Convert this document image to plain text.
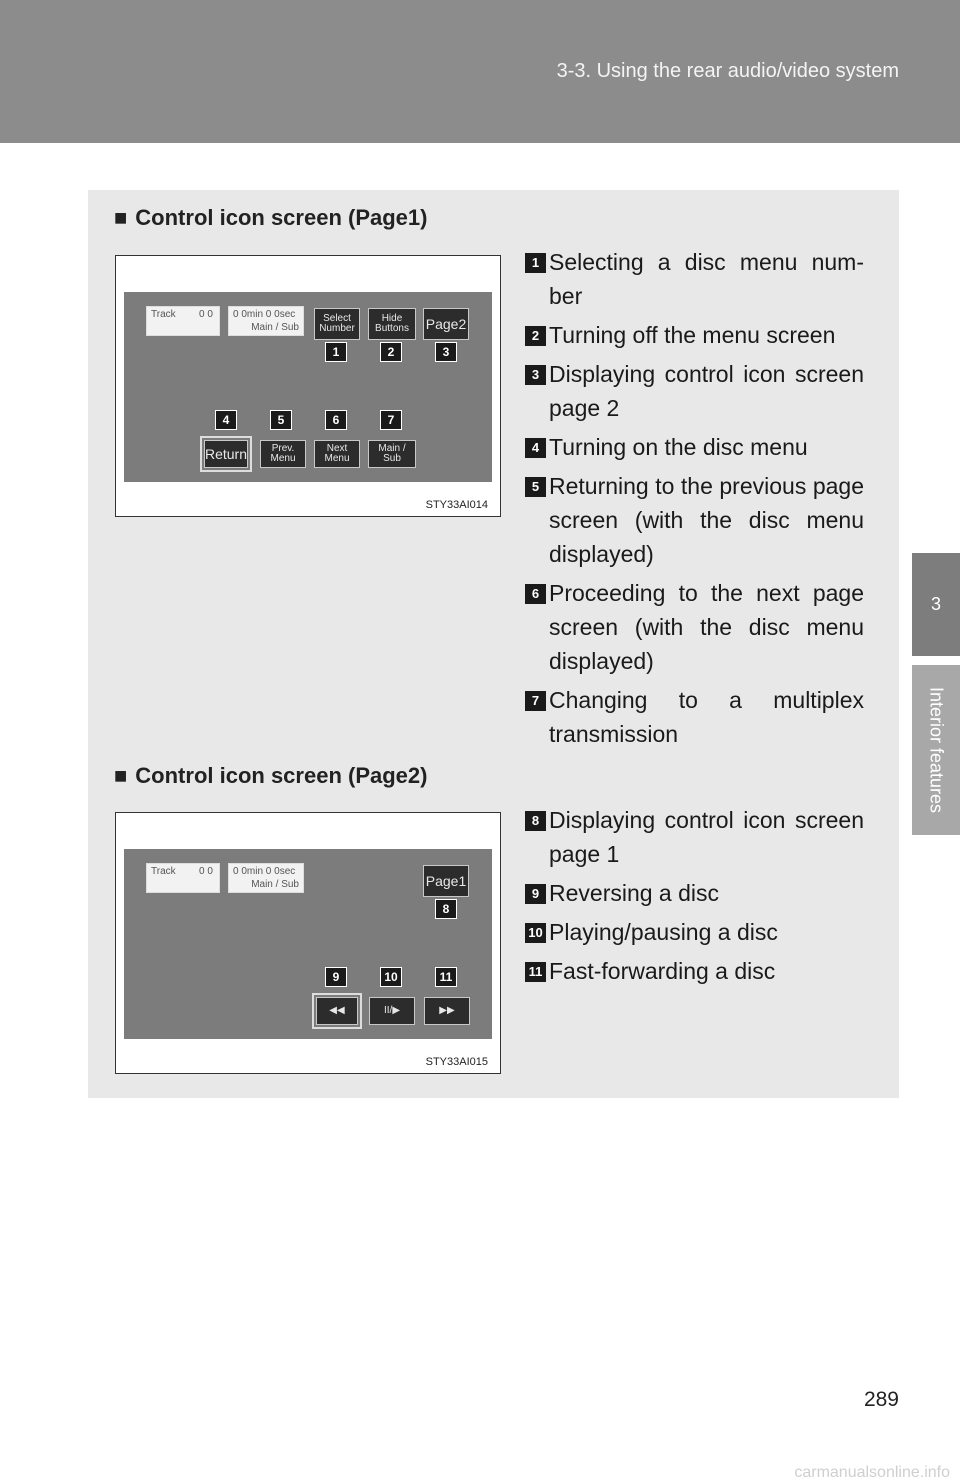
3-3. Using the rear audio/video system
3
Interior features
■ Control icon screen (Page1)
Track 0 0 0 0min 0 0sec
Main / Sub
Select Number
Hide Buttons	Page2
1	2	3
4	5	6	7
Return	Prev. Menu
Next Menu
Main / Sub
STY33AI014
1 Selecting a disc menu num-ber
2 Turning off the menu screen
3 Displaying control icon screen page 2
4 Turning on the disc menu
5 Returning to the previous page screen (with the disc menu displayed)
6 Proceeding to the next page screen (with the disc menu displayed)
7 Changing to a multiplex transmission
■ Control icon screen (Page2)
Track 0 0 0 0min 0 0sec
Main / Sub	Page1
8
9	10	11
◀◀	II/▶	▶▶
STY33AI015
8 Displaying control icon screen page 1
9 Reversing a disc
10 Playing/pausing a disc
11 Fast-forwarding a disc
289
carmanualsonline.info
